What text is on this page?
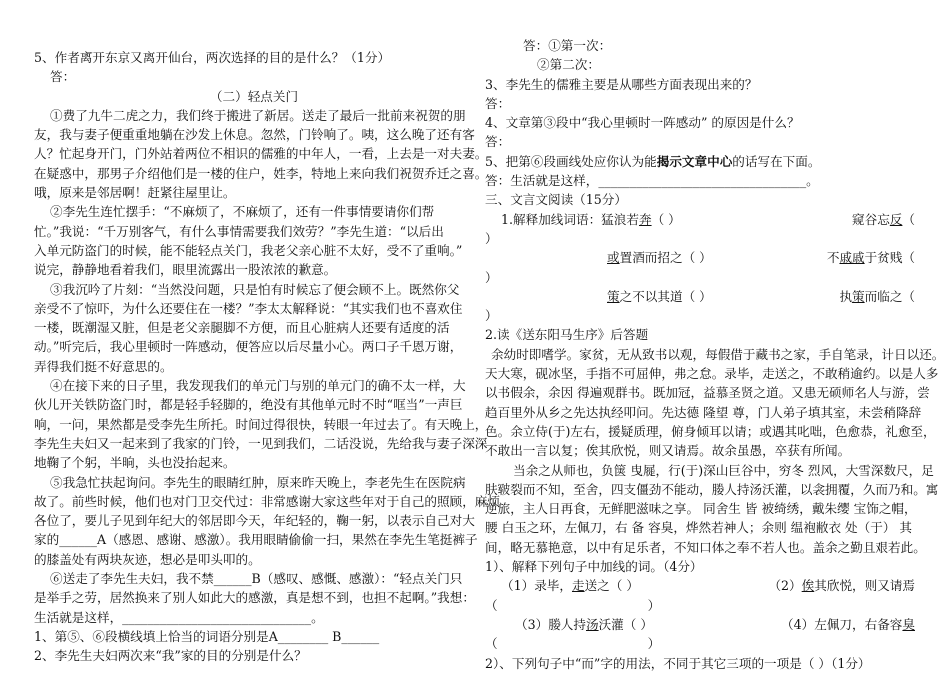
_
5、作者离开东京又离开仙台，两次选择的目的是什么？（1分）
答：
（二）轻点关门
①费了九牛二虎之力，我们终于搬进了新居。送走了最后一批前来祝贺的朋
友，我与妻子便重重地躺在沙发上休息。忽然，门铃响了。咦，这么晚了还有客
人？忙起身开门，门外站着两位不相识的儒雅的中年人，一看，上去是一对夫妻。
在疑惑中，那男子介绍他们是一楼的住户，姓李，特地上来向我们祝贺乔迁之喜。
哦，原来是邻居啊！赶紧往屋里让。
②李先生连忙摆手：“不麻烦了，不麻烦了，还有一件事情要请你们帮
忙。”我说：“千万别客气，有什么事情需要我们效劳？”李先生道：“以后出
入单元防盗门的时候，能不能轻点关门，我老父亲心脏不太好，受不了重响。”
说完，静静地看着我们，眼里流露出一股浓浓的歉意。
③我沉吟了片刻：“当然没问题，只是怕有时候忘了便会顾不上。既然你父
亲受不了惊吓，为什么还要住在一楼？”李太太解释说：“其实我们也不喜欢住
一楼，既潮湿又脏，但是老父亲腿脚不方便，而且心脏病人还要有适度的活
动。”听完后，我心里顿时一阵感动，便答应以后尽量小心。两口子千恩万谢，
弄得我们挺不好意思的。
④在接下来的日子里，我发现我们的单元门与别的单元门的确不太一样，大
伙儿开关铁防盗门时，都是轻手轻脚的，绝没有其他单元时不时“哐当”一声巨
响，一问，果然都是受李先生所托。时间过得很快，转眼一年过去了。有天晚上，
李先生夫妇又一起来到了我家的门铃，一见到我们，二话没说，先给我与妻子深深
地鞠了个躬，半晌，头也没抬起来。
⑤我急忙扶起询问。李先生的眼睛红肿，原来昨天晚上，李老先生在医院病
故了。前些时候，他们也对门卫交代过：非常感谢大家这些年对于自己的照顾，麻烦
各位了，要儿子见到年纪大的邻居即今天，年纪轻的，鞠一躬，以表示自己对大
家的______A（感恩、感谢、感激）。我用眼睛偷偷一扫，果然在李先生笔挺裤子
的膝盖处有两块灰迹，想必是叩头叩的。
⑥送走了李先生夫妇，我不禁______B（感叹、感慨、感激）：“轻点关门只
是举手之劳，居然换来了别人如此大的感激，真是想不到，也担不起啊。”我想：
生活就是这样，______________________________。
1、第⑤、⑥段横线填上恰当的词语分别是A________ B______
2、李先生夫妇两次来“我”家的目的分别是什么？
答：①第一次：
②第二次：
3、李先生的儒雅主要是从哪些方面表现出来的？
答：
4、文章第③段中“我心里顿时一阵感动” 的原因是什么？
答：
5、把第⑥段画线处应你认为能揭示文章中心的话写在下面。
答：生活就是这样，_________________________________。
三、文言文阅读（15分）
1.解释加线词语：猛浪若奔（ ）	窥谷忘反（
）
或置酒而招之（ ）	不戚戚于贫贱（
）
策之不以其道（ ）	执策而临之（
）
2.读《送东阳马生序》后答题
余幼时即嗜学。家贫，无从致书以观，每假借于藏书之家，手自笔录，计日以还。
天大寒，砚冰坚，手指不可屈伸，弗之怠。录毕，走送之，不敢稍逾约。以是人多
以书假余，余因 得遍观群书。既加冠，益慕圣贤之道。又患无硕师名人与游，尝
趋百里外从乡之先达执经叩问。先达德 隆望 尊，门人弟子填其室，未尝稍降辞
色。余立侍(于)左右，援疑质理，俯身倾耳以请；或遇其叱咄，色愈恭，礼愈至，
不敢出一言以复；俟其欣悦，则又请焉。故余虽愚，卒获有所闻。
当余之从师也，负箧 曳屣，行(于)深山巨谷中，穷冬 烈风，大雪深数尺，足
肤皲裂而不知，至舍，四支僵劲不能动，媵人持汤沃灌，以衾拥覆，久而乃和。寓
逆旅，主人日再食，无鲜肥滋味之享。 同舍生 皆 被绮绣，戴朱缨 宝饰之帽，
腰 白玉之环，左佩刀，右 备 容臭，烨然若神人；余则 缊袍敝衣 处（于） 其
间，略无慕艳意，以中有足乐者，不知口体之奉不若人也。盖余之勤且艰若此。
1）、解释下列句子中加线的词。（4分）
（1）录毕，走送之（ ）	（2）俟其欣悦，则又请焉
（	）
（3）媵人持汤沃灌（ ）	（4）左佩刀，右备容臭
（	）
2）、下列句子中“而”字的用法，不同于其它三项的一项是（ ）（1分）
